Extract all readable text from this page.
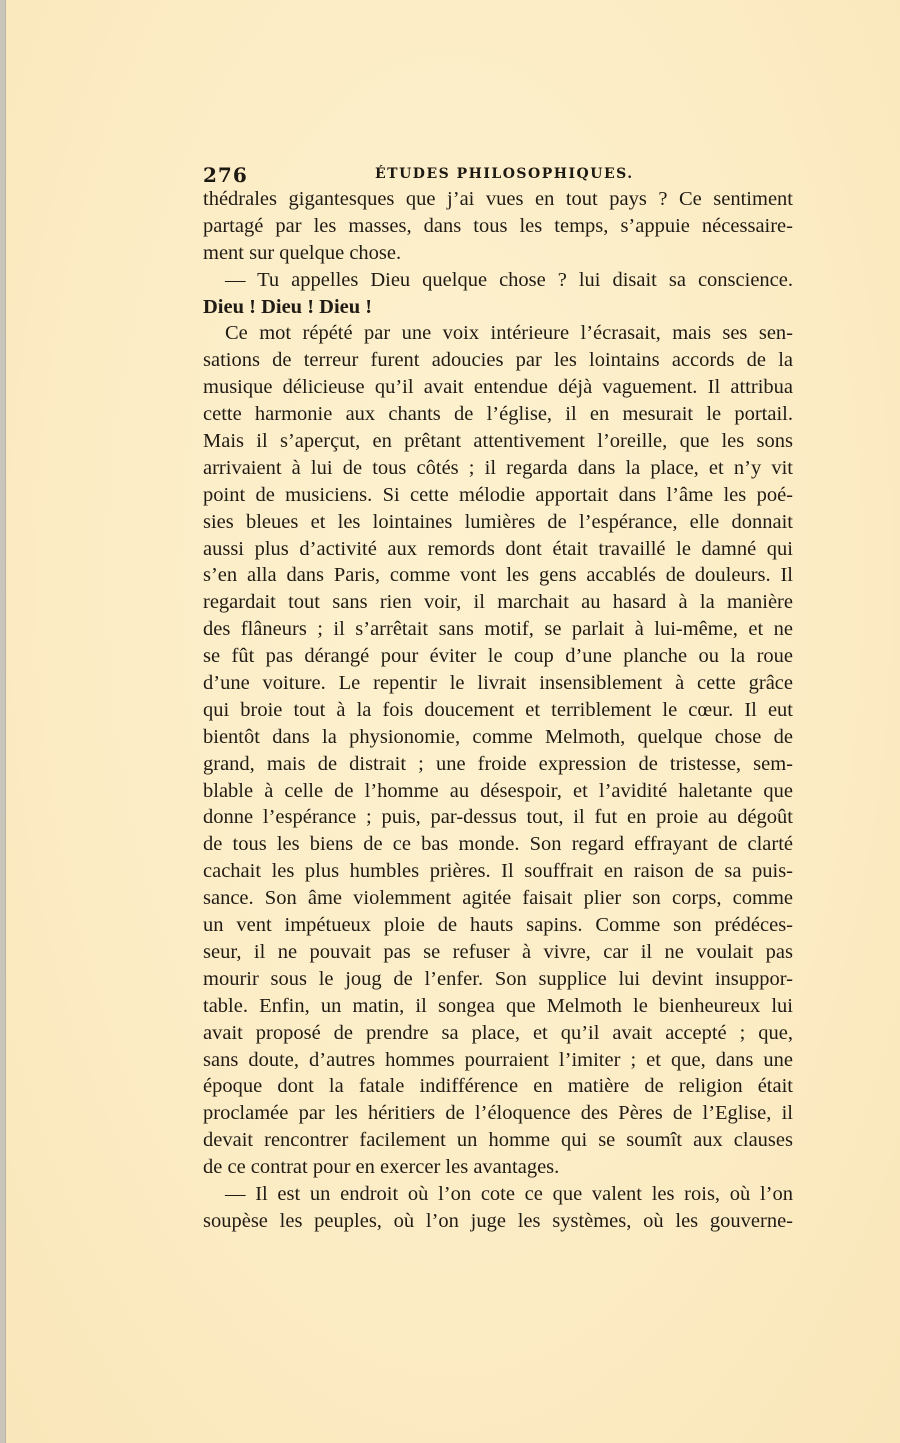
276	ÉTUDES PHILOSOPHIQUES.
thédrales gigantesques que j’ai vues en tout pays ? Ce sentiment
partagé par les masses, dans tous les temps, s’appuie nécessaire-
ment sur quelque chose.
— Tu appelles Dieu quelque chose ? lui disait sa conscience.
Dieu ! Dieu ! Dieu !
Ce mot répété par une voix intérieure l’écrasait, mais ses sen-
sations de terreur furent adoucies par les lointains accords de la
musique délicieuse qu’il avait entendue déjà vaguement. Il attribua
cette harmonie aux chants de l’église, il en mesurait le portail.
Mais il s’aperçut, en prêtant attentivement l’oreille, que les sons
arrivaient à lui de tous côtés ; il regarda dans la place, et n’y vit
point de musiciens. Si cette mélodie apportait dans l’âme les poé-
sies bleues et les lointaines lumières de l’espérance, elle donnait
aussi plus d’activité aux remords dont était travaillé le damné qui
s’en alla dans Paris, comme vont les gens accablés de douleurs. Il
regardait tout sans rien voir, il marchait au hasard à la manière
des flâneurs ; il s’arrêtait sans motif, se parlait à lui-même, et ne
se fût pas dérangé pour éviter le coup d’une planche ou la roue
d’une voiture. Le repentir le livrait insensiblement à cette grâce
qui broie tout à la fois doucement et terriblement le cœur. Il eut
bientôt dans la physionomie, comme Melmoth, quelque chose de
grand, mais de distrait ; une froide expression de tristesse, sem-
blable à celle de l’homme au désespoir, et l’avidité haletante que
donne l’espérance ; puis, par-dessus tout, il fut en proie au dégoût
de tous les biens de ce bas monde. Son regard effrayant de clarté
cachait les plus humbles prières. Il souffrait en raison de sa puis-
sance. Son âme violemment agitée faisait plier son corps, comme
un vent impétueux ploie de hauts sapins. Comme son prédéces-
seur, il ne pouvait pas se refuser à vivre, car il ne voulait pas
mourir sous le joug de l’enfer. Son supplice lui devint insuppor-
table. Enfin, un matin, il songea que Melmoth le bienheureux lui
avait proposé de prendre sa place, et qu’il avait accepté ; que,
sans doute, d’autres hommes pourraient l’imiter ; et que, dans une
époque dont la fatale indifférence en matière de religion était
proclamée par les héritiers de l’éloquence des Pères de l’Eglise, il
devait rencontrer facilement un homme qui se soumît aux clauses
de ce contrat pour en exercer les avantages.
— Il est un endroit où l’on cote ce que valent les rois, où l’on
soupèse les peuples, où l’on juge les systèmes, où les gouverne-
